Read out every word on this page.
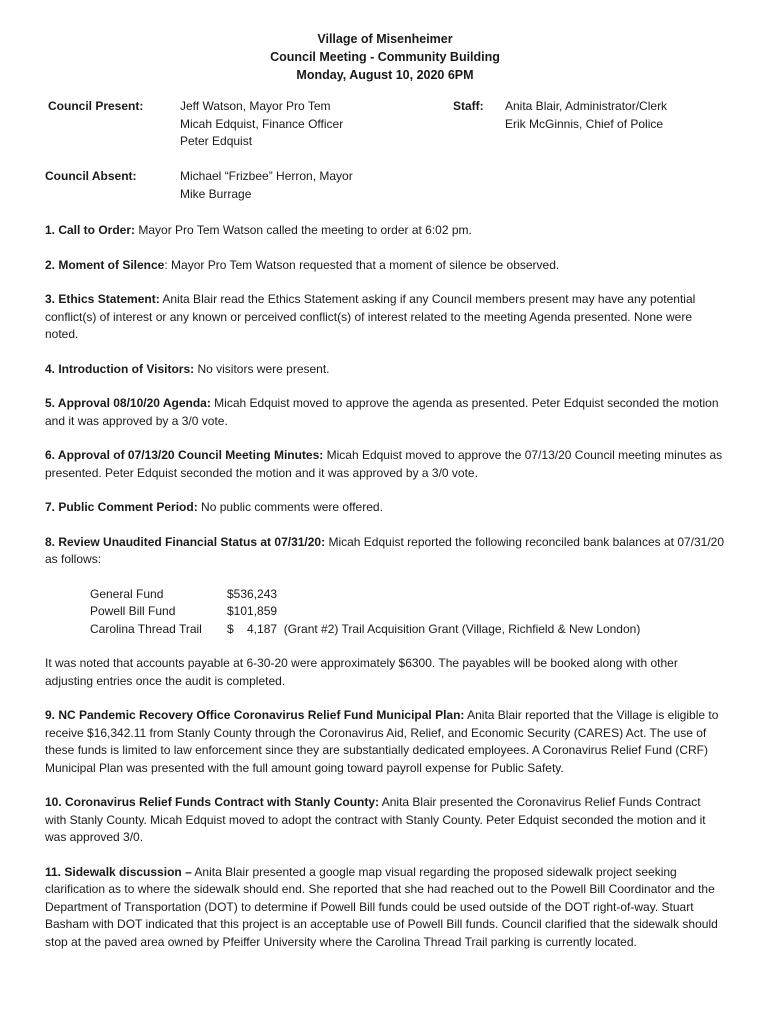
Village of Misenheimer
Council Meeting - Community Building
Monday, August 10, 2020 6PM
Council Present:	Jeff Watson, Mayor Pro Tem
Micah Edquist, Finance Officer
Peter Edquist
Staff: Anita Blair, Administrator/Clerk
Erik McGinnis, Chief of Police
Council Absent:	Michael “Frizbee” Herron, Mayor
Mike Burrage
1. Call to Order: Mayor Pro Tem Watson called the meeting to order at 6:02 pm.
2. Moment of Silence: Mayor Pro Tem Watson requested that a moment of silence be observed.
3. Ethics Statement: Anita Blair read the Ethics Statement asking if any Council members present may have any potential conflict(s) of interest or any known or perceived conflict(s) of interest related to the meeting Agenda presented. None were noted.
4. Introduction of Visitors: No visitors were present.
5. Approval 08/10/20 Agenda: Micah Edquist moved to approve the agenda as presented. Peter Edquist seconded the motion and it was approved by a 3/0 vote.
6. Approval of 07/13/20 Council Meeting Minutes: Micah Edquist moved to approve the 07/13/20 Council meeting minutes as presented. Peter Edquist seconded the motion and it was approved by a 3/0 vote.
7. Public Comment Period: No public comments were offered.
8. Review Unaudited Financial Status at 07/31/20: Micah Edquist reported the following reconciled bank balances at 07/31/20 as follows:
General Fund	$536,243
Powell Bill Fund	$101,859
Carolina Thread Trail	$    4,187  (Grant #2) Trail Acquisition Grant (Village, Richfield & New London)
It was noted that accounts payable at 6-30-20 were approximately $6300. The payables will be booked along with other adjusting entries once the audit is completed.
9. NC Pandemic Recovery Office Coronavirus Relief Fund Municipal Plan: Anita Blair reported that the Village is eligible to receive $16,342.11 from Stanly County through the Coronavirus Aid, Relief, and Economic Security (CARES) Act. The use of these funds is limited to law enforcement since they are substantially dedicated employees. A Coronavirus Relief Fund (CRF) Municipal Plan was presented with the full amount going toward payroll expense for Public Safety.
10. Coronavirus Relief Funds Contract with Stanly County: Anita Blair presented the Coronavirus Relief Funds Contract with Stanly County. Micah Edquist moved to adopt the contract with Stanly County. Peter Edquist seconded the motion and it was approved 3/0.
11. Sidewalk discussion – Anita Blair presented a google map visual regarding the proposed sidewalk project seeking clarification as to where the sidewalk should end. She reported that she had reached out to the Powell Bill Coordinator and the Department of Transportation (DOT) to determine if Powell Bill funds could be used outside of the DOT right-of-way. Stuart Basham with DOT indicated that this project is an acceptable use of Powell Bill funds. Council clarified that the sidewalk should stop at the paved area owned by Pfeiffer University where the Carolina Thread Trail parking is currently located.
